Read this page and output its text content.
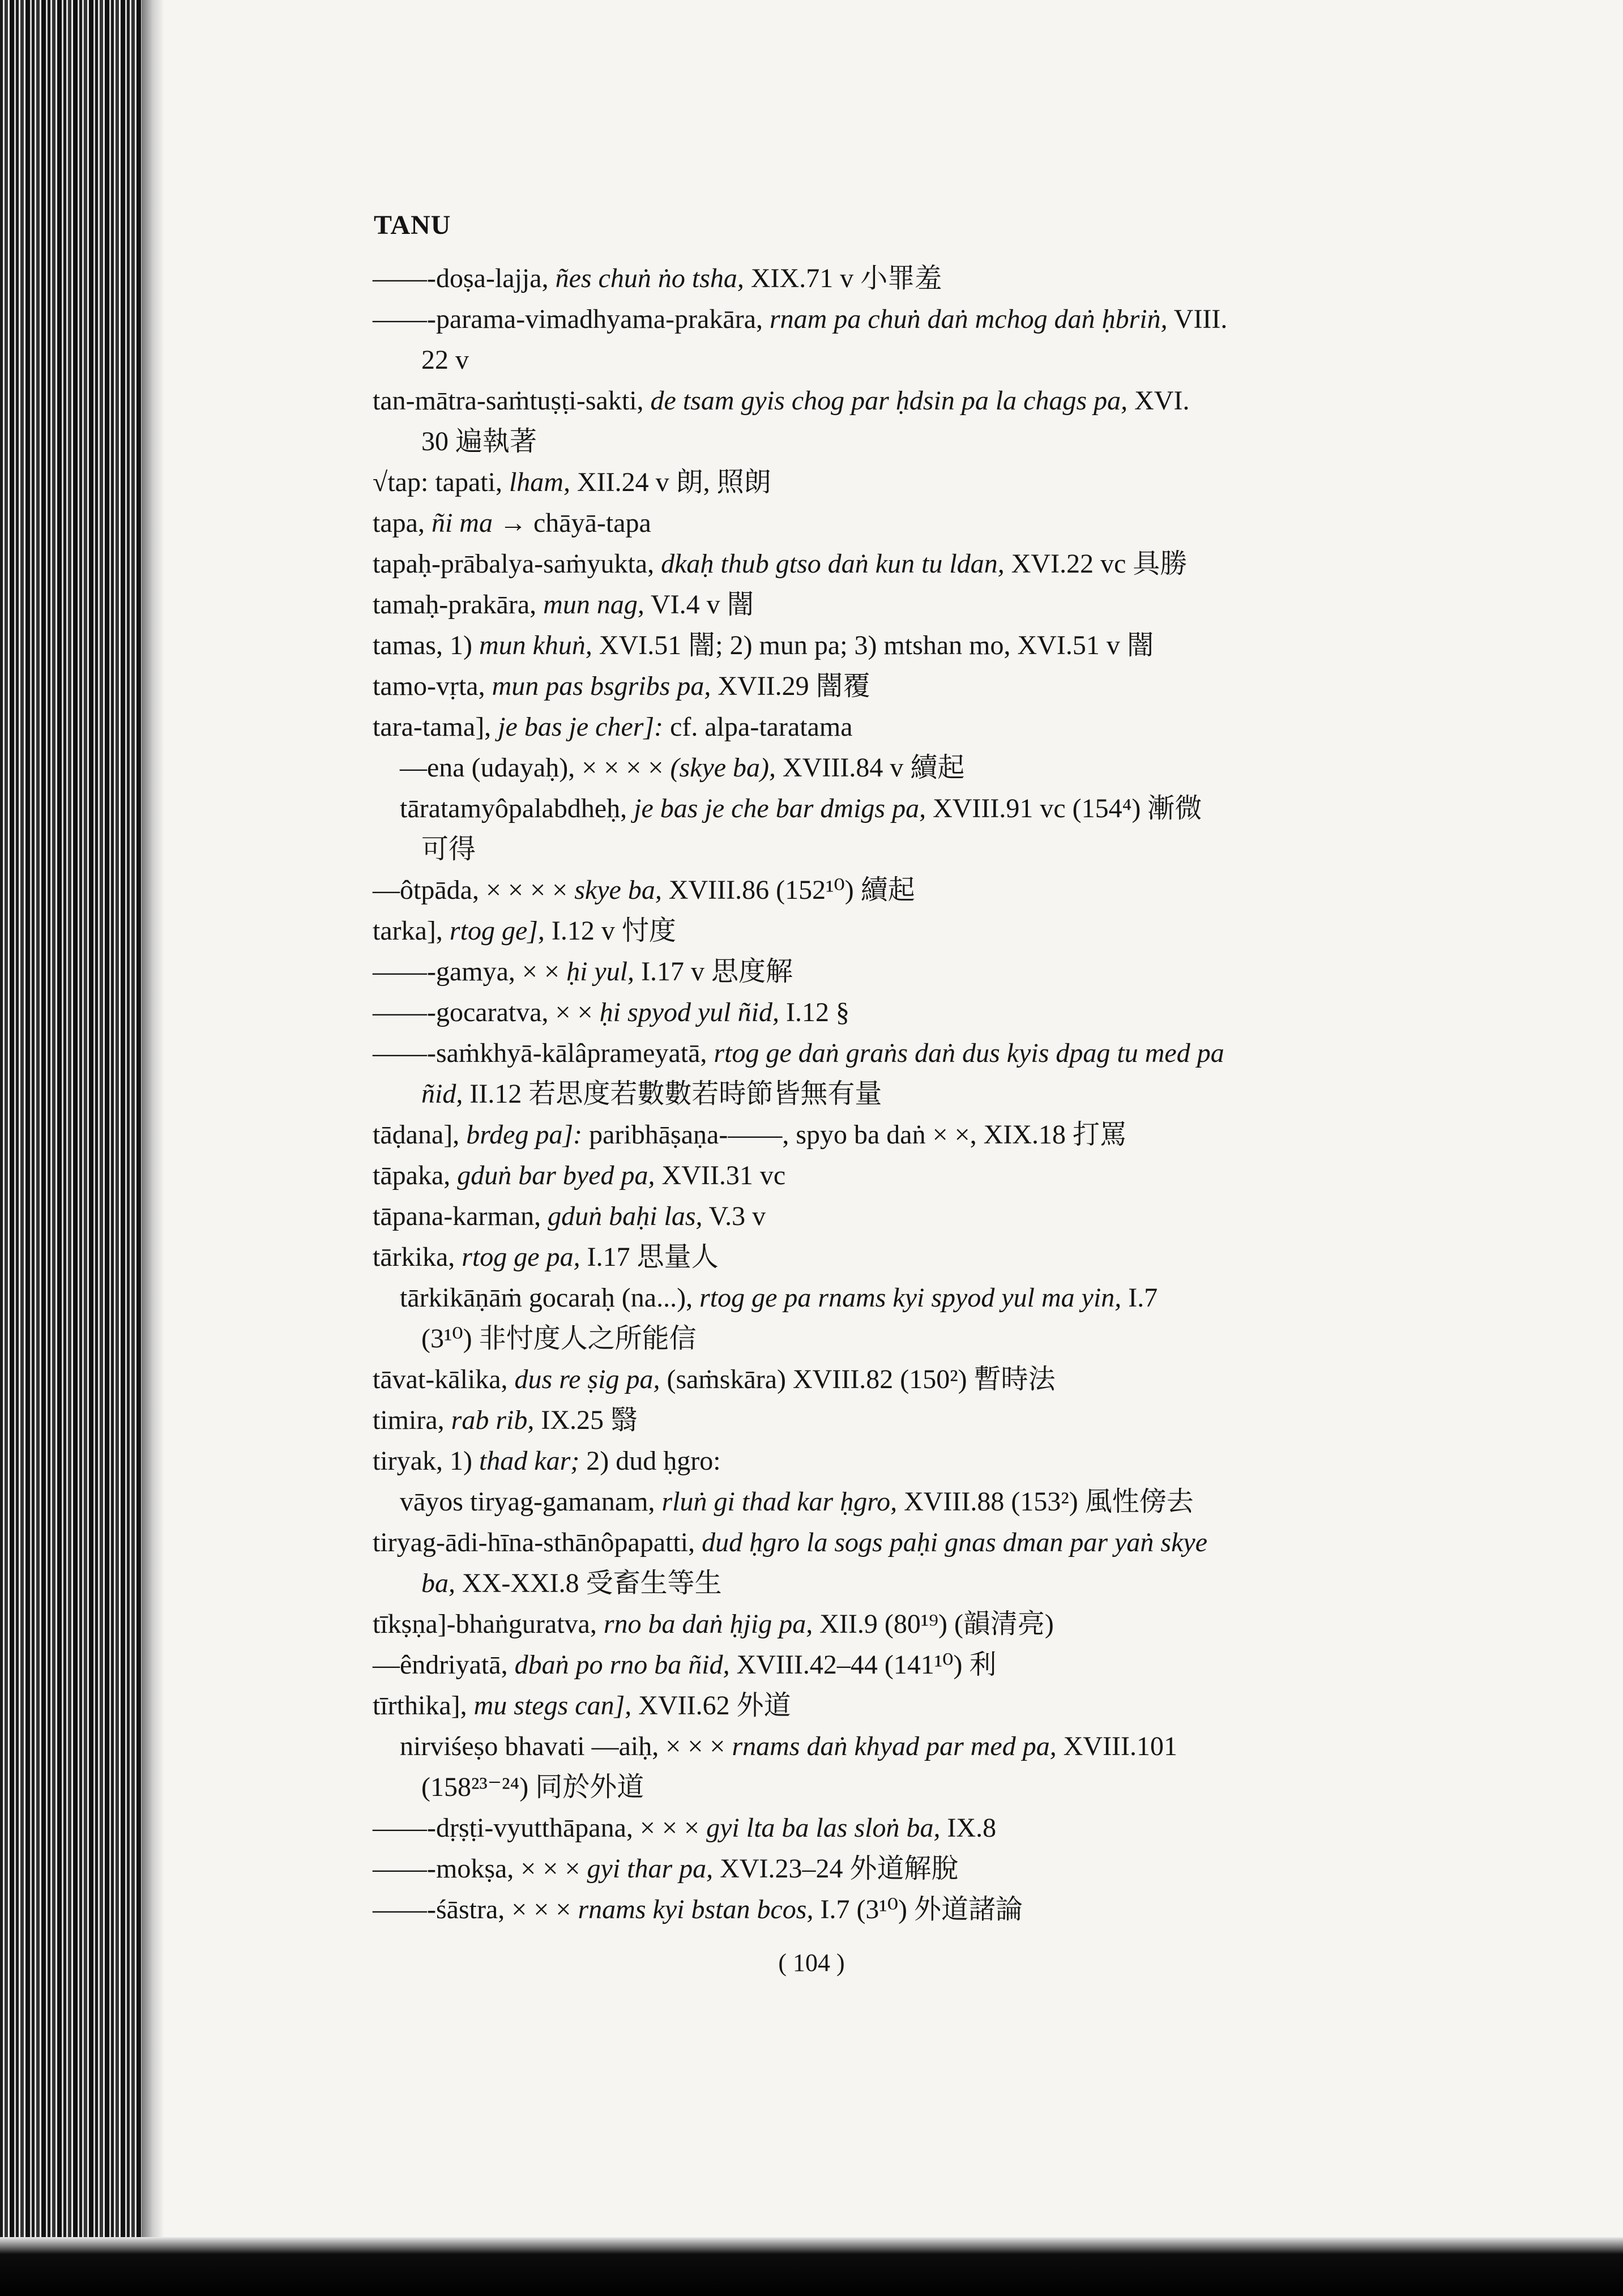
TANU
——-doṣa-lajja, ñes chuṅ ṅo tsha, XIX.71 v 小罪羞
——-parama-vimadhyama-prakāra, rnam pa chuṅ daṅ mchog daṅ ḥbriṅ, VIII.
22 v
tan-mātra-saṁtuṣṭi-sakti, de tsam gyis chog par ḥdsin pa la chags pa, XVI.
30 遍執著
√tap: tapati, lham, XII.24 v 朗, 照朗
tapa, ñi ma → chāyā-tapa
tapaḥ-prābalya-saṁyukta, dkaḥ thub gtso daṅ kun tu ldan, XVI.22 vc 具勝
tamaḥ-prakāra, mun nag, VI.4 v 闇
tamas, 1) mun khuṅ, XVI.51 闇; 2) mun pa; 3) mtshan mo, XVI.51 v 闇
tamo-vṛta, mun pas bsgribs pa, XVII.29 闇覆
tara-tama], je bas je cher]: cf. alpa-taratama
—ena (udayaḥ), × × × × (skye ba), XVIII.84 v 續起
tāratamyôpalabdheḥ, je bas je che bar dmigs pa, XVIII.91 vc (154⁴) 漸微
可得
—ôtpāda, × × × × skye ba, XVIII.86 (152¹⁰) 續起
tarka], rtog ge], I.12 v 忖度
——-gamya, × × ḥi yul, I.17 v 思度解
——-gocaratva, × × ḥi spyod yul ñid, I.12 §
——-saṁkhyā-kālâprameyatā, rtog ge daṅ graṅs daṅ dus kyis dpag tu med pa
ñid, II.12 若思度若數數若時節皆無有量
tāḍana], brdeg pa]: paribhāṣaṇa-——, spyo ba daṅ × ×, XIX.18 打罵
tāpaka, gduṅ bar byed pa, XVII.31 vc
tāpana-karman, gduṅ baḥi las, V.3 v
tārkika, rtog ge pa, I.17 思量人
tārkikāṇāṁ gocaraḥ (na...), rtog ge pa rnams kyi spyod yul ma yin, I.7
(3¹⁰) 非忖度人之所能信
tāvat-kālika, dus re ṣig pa, (saṁskāra) XVIII.82 (150²) 暫時法
timira, rab rib, IX.25 翳
tiryak, 1) thad kar; 2) dud ḥgro:
vāyos tiryag-gamanam, rluṅ gi thad kar ḥgro, XVIII.88 (153²) 風性傍去
tiryag-ādi-hīna-sthānôpapatti, dud ḥgro la sogs paḥi gnas dman par yaṅ skye
ba, XX-XXI.8 受畜生等生
tīkṣṇa]-bhaṅguratva, rno ba daṅ ḥjig pa, XII.9 (80¹⁹) (韻清亮)
—êndriyatā, dbaṅ po rno ba ñid, XVIII.42–44 (141¹⁰) 利
tīrthika], mu stegs can], XVII.62 外道
nirviśeṣo bhavati —aiḥ, × × × rnams daṅ khyad par med pa, XVIII.101
(158²³⁻²⁴) 同於外道
——-dṛṣṭi-vyutthāpana, × × × gyi lta ba las sloṅ ba, IX.8
——-mokṣa, × × × gyi thar pa, XVI.23–24 外道解脫
——-śāstra, × × × rnams kyi bstan bcos, I.7 (3¹⁰) 外道諸論
( 104 )
